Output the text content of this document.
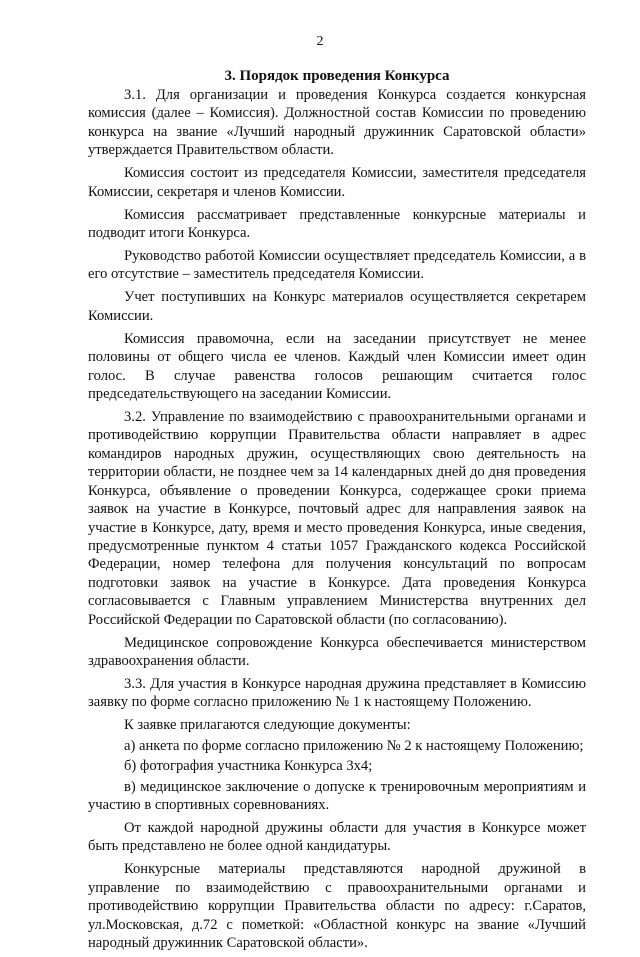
2
3. Порядок проведения Конкурса

3.1. Для организации и проведения Конкурса создается конкурсная комиссия (далее – Комиссия). Должностной состав Комиссии по проведению конкурса на звание «Лучший народный дружинник Саратовской области» утверждается Правительством области.

Комиссия состоит из председателя Комиссии, заместителя председателя Комиссии, секретаря и членов Комиссии.

Комиссия рассматривает представленные конкурсные материалы и подводит итоги Конкурса.

Руководство работой Комиссии осуществляет председатель Комиссии, а в его отсутствие – заместитель председателя Комиссии.

Учет поступивших на Конкурс материалов осуществляется секретарем Комиссии.

Комиссия правомочна, если на заседании присутствует не менее половины от общего числа ее членов. Каждый член Комиссии имеет один голос. В случае равенства голосов решающим считается голос председательствующего на заседании Комиссии.

3.2. Управление по взаимодействию с правоохранительными органами и противодействию коррупции Правительства области направляет в адрес командиров народных дружин, осуществляющих свою деятельность на территории области, не позднее чем за 14 календарных дней до дня проведения Конкурса, объявление о проведении Конкурса, содержащее сроки приема заявок на участие в Конкурсе, почтовый адрес для направления заявок на участие в Конкурсе, дату, время и место проведения Конкурса, иные сведения, предусмотренные пунктом 4 статьи 1057 Гражданского кодекса Российской Федерации, номер телефона для получения консультаций по вопросам подготовки заявок на участие в Конкурсе. Дата проведения Конкурса согласовывается с Главным управлением Министерства внутренних дел Российской Федерации по Саратовской области (по согласованию).

Медицинское сопровождение Конкурса обеспечивается министерством здравоохранения области.

3.3. Для участия в Конкурсе народная дружина представляет в Комиссию заявку по форме согласно приложению № 1 к настоящему Положению.

К заявке прилагаются следующие документы:

а) анкета по форме согласно приложению № 2 к настоящему Положению;

б) фотография участника Конкурса 3х4;

в) медицинское заключение о допуске к тренировочным мероприятиям и участию в спортивных соревнованиях.

От каждой народной дружины области для участия в Конкурсе может быть представлено не более одной кандидатуры.

Конкурсные материалы представляются народной дружиной в управление по взаимодействию с правоохранительными органами и противодействию коррупции Правительства области по адресу: г.Саратов, ул.Московская, д.72 с пометкой: «Областной конкурс на звание «Лучший народный дружинник Саратовской области».
